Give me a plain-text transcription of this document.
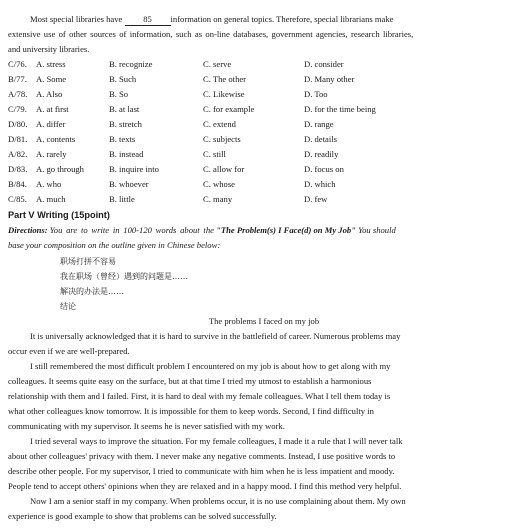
Most special libraries have 85 information on general topics. Therefore, special librarians make
extensive use of other sources of information, such as on-line databases, government agencies, research libraries,
and university libraries.
C/76. A. stress	B. recognize	C. serve	D. consider
B/77. A. Some	B. Such	C. The other	D. Many other
A/78. A. Also	B. So	C. Likewise	D. Too
C/79. A. at first	B. at last	C. for example	D. for the time being
D/80. A. differ	B. stretch	C. extend	D. range
D/81. A. contents	B. texts	C. subjects	D. details
A/82. A. rarely	B. instead	C. still	D. readily
D/83. A. go through	B. inquire into	C. allow for	D. focus on
B/84. A. who	B. whoever	C. whose	D. which
C/85. A. much	B. little	C. many	D. few
Part V Writing (15point)
Directions: You are to write in 100-120 words about the "The Problem(s) I Face(d) on My Job" You should
base your composition on the outline given in Chinese below:
职场打拼不容易
我在职场（曾经）遇到的问题是……
解决的办法是……
结论
The problems I faced on my job
It is universally acknowledged that it is hard to survive in the battlefield of career. Numerous problems may
occur even if we are well-prepared.
I still remembered the most difficult problem I encountered on my job is about how to get along with my
colleagues. It seems quite easy on the surface, but at that time I tried my utmost to establish a harmonious
relationship with them and I failed. First, it is hard to deal with my female colleagues. What I tell them today is
what other colleagues know tomorrow. It is impossible for them to keep words. Second, I find difficulty in
communicating with my supervisor. It seems he is never satisfied with my work.
I tried several ways to improve the situation. For my female colleagues, I made it a rule that I will never talk
about other colleagues' privacy with them. I never make any negative comments. Instead, I use positive words to
describe other people. For my supervisor, I tried to communicate with him when he is less impatient and moody.
People tend to accept others' opinions when they are relaxed and in a happy mood. I find this method very helpful.
Now I am a senior staff in my company. When problems occur, it is no use complaining about them. My own
experience is good example to show that problems can be solved successfully.
